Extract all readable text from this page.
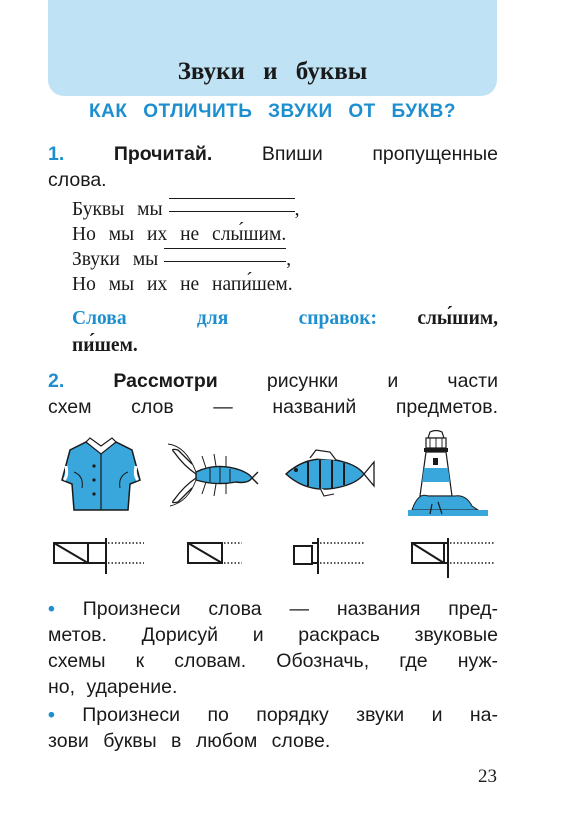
Звуки и буквы
КАК ОТЛИЧИТЬ ЗВУКИ ОТ БУКВ?
1.	Прочитай.	Впиши пропущенные
слова.
Буквы мы	,
Но мы их не слы́шим.
Звуки мы	,
Но мы их не напи́шем.
Слова для справок: слы́шим,
пи́шем.
2.	Рассмотри	рисунки и части
схем слов — названий предметов.
• Произнеси слова — названия пред-
метов. Дорисуй и раскрась звуковые
схемы к словам. Обозначь, где нуж-
но, ударение.
• Произнеси по порядку звуки и на-
зови буквы в любом слове.
23
